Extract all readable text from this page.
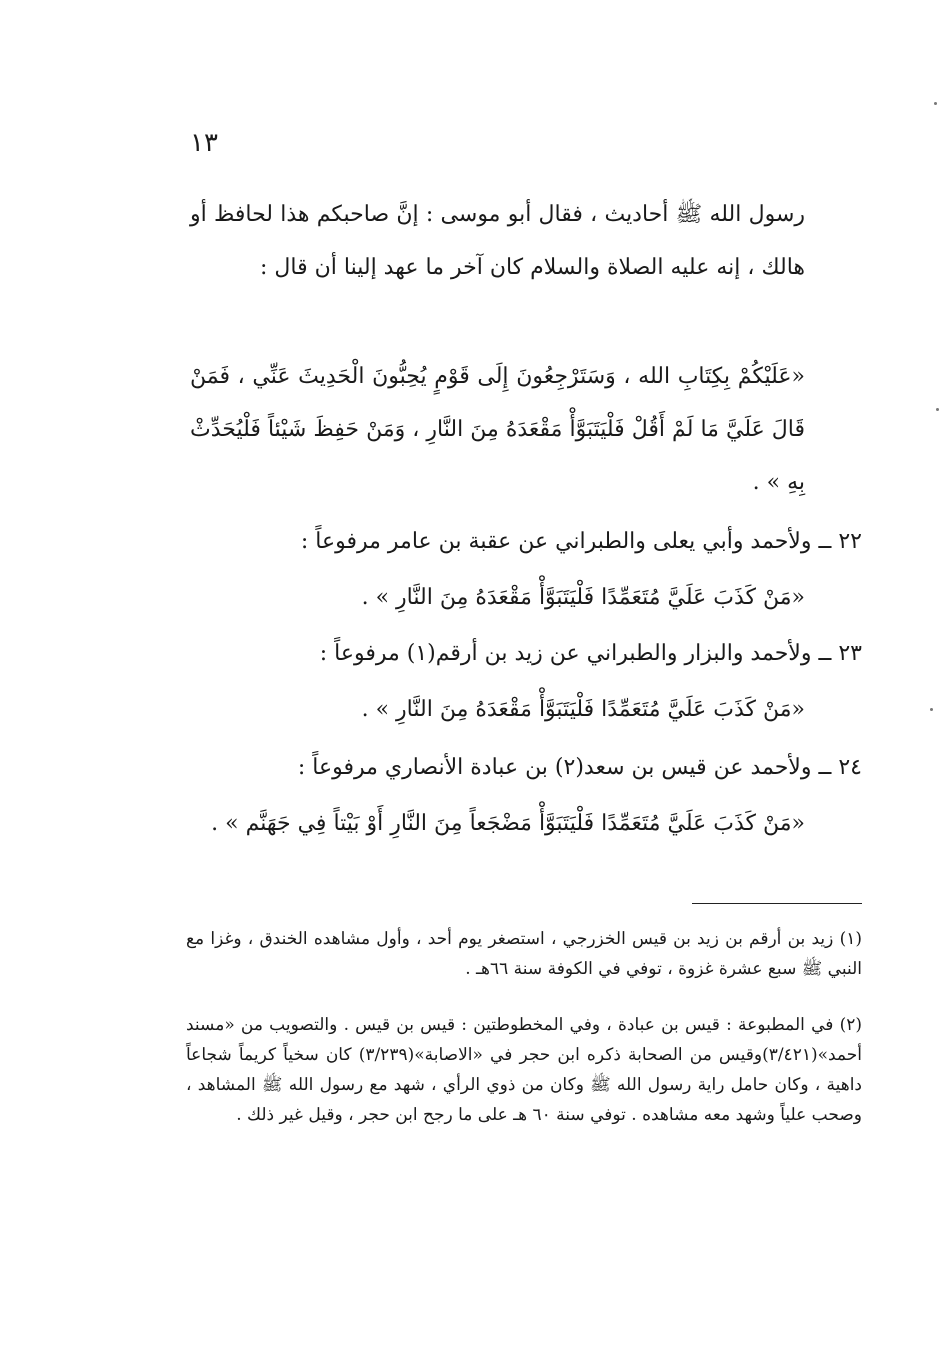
١٣
رسول الله ﷺ أحاديث ، فقال أبو موسى : إنَّ صاحبكم هذا لحافظ أو هالك ، إنه عليه الصلاة والسلام كان آخر ما عهد إلينا أن قال :
«عَلَيْكُمْ بِكِتَابِ الله ، وَسَتَرْجِعُونَ إِلَى قَوْمٍ يُحِبُّونَ الْحَدِيثَ عَنِّي ، فَمَنْ قَالَ عَلَيَّ مَا لَمْ أَقُلْ فَلْيَتَبَوَّأْ مَقْعَدَهُ مِنَ النَّارِ ، وَمَنْ حَفِظَ شَيْئاً فَلْيُحَدِّثْ بِهِ » .
٢٢ ــ ولأحمد وأبي يعلى والطبراني عن عقبة بن عامر مرفوعاً :
«مَنْ كَذَبَ عَلَيَّ مُتَعَمِّدًا فَلْيَتَبَوَّأْ مَقْعَدَهُ مِنَ النَّارِ » .
٢٣ ــ ولأحمد والبزار والطبراني عن زيد بن أرقم(١) مرفوعاً :
«مَنْ كَذَبَ عَلَيَّ مُتَعَمِّدًا فَلْيَتَبَوَّأْ مَقْعَدَهُ مِنَ النَّارِ » .
٢٤ ــ ولأحمد عن قيس بن سعد(٢) بن عبادة الأنصاري مرفوعاً :
«مَنْ كَذَبَ عَلَيَّ مُتَعَمِّدًا فَلْيَتَبَوَّأْ مَضْجَعاً مِنَ النَّارِ أَوْ بَيْتاً فِي جَهَنَّم » .
(١) زيد بن أرقم بن زيد بن قيس الخزرجي ، استصغر يوم أحد ، وأول مشاهده الخندق ، وغزا مع النبي ﷺ سبع عشرة غزوة ، توفي في الكوفة سنة ٦٦هـ .
(٢) في المطبوعة : قيس بن عبادة ، وفي المخطوطتين : قيس بن قيس . والتصويب من «مسند أحمد»(٣/٤٢١)وقيس من الصحابة ذكره ابن حجر في «الاصابة»(٣/٢٣٩) كان سخياً كريماً شجاعاً داهية ، وكان حامل راية رسول الله ﷺ وكان من ذوي الرأي ، شهد مع رسول الله ﷺ المشاهد ، وصحب علياً وشهد معه مشاهده . توفي سنة ٦٠ هـ على ما رجح ابن حجر ، وقيل غير ذلك .
